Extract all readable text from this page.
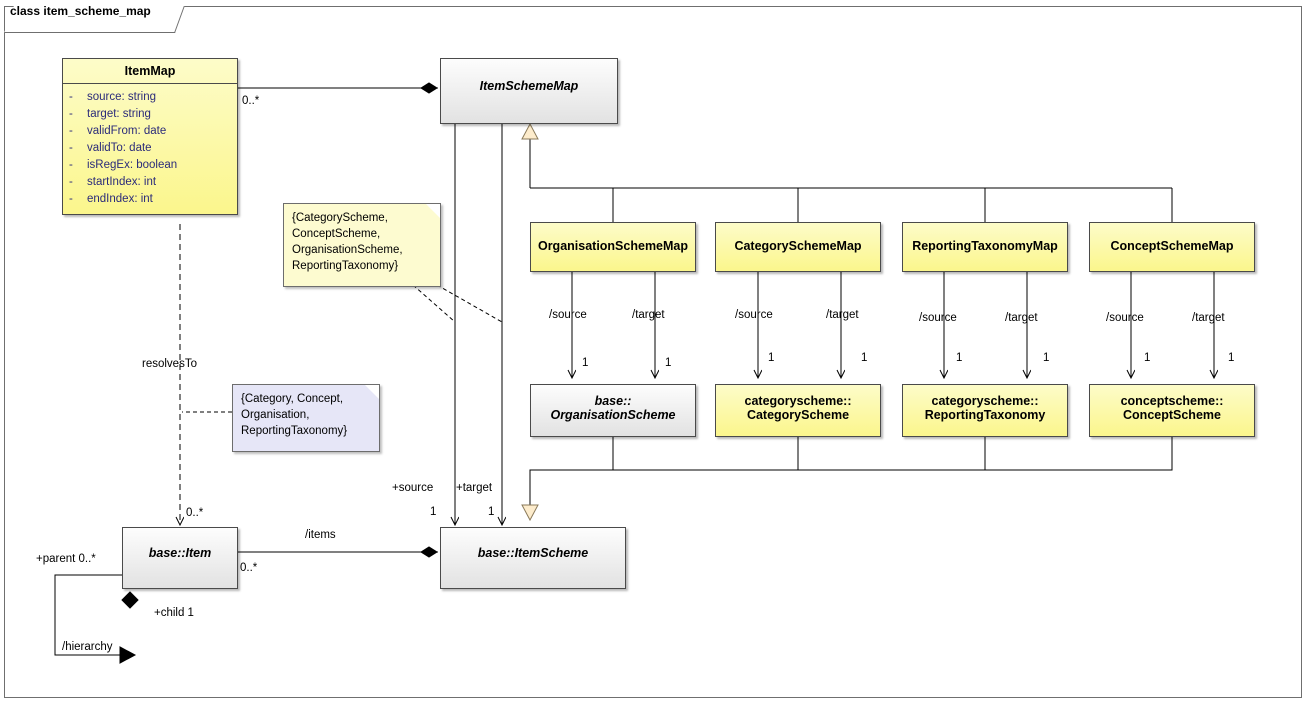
class item_scheme_map
ItemMap
-	source: string
-	target: string
-	validFrom: date
-	validTo: date
-	isRegEx: boolean
-	startIndex: int
-	endIndex: int
ItemSchemeMap
OrganisationSchemeMap	CategorySchemeMap	ReportingTaxonomyMap	ConceptSchemeMap
base::
OrganisationScheme
categoryscheme::
CategoryScheme
categoryscheme::
ReportingTaxonomy
conceptscheme::
ConceptScheme
base::Item	base::ItemScheme
{CategoryScheme, ConceptScheme, OrganisationScheme, ReportingTaxonomy}
{Category, Concept, Organisation, ReportingTaxonomy}
0..*
resolvesTo
0..*
/items
0..*
+parent 0..*
+child 1
/hierarchy
+source +target
1	1
/source	/target	/source	/target	/source	/target	/source	/target
1	1	1	1	1	1	1	1
